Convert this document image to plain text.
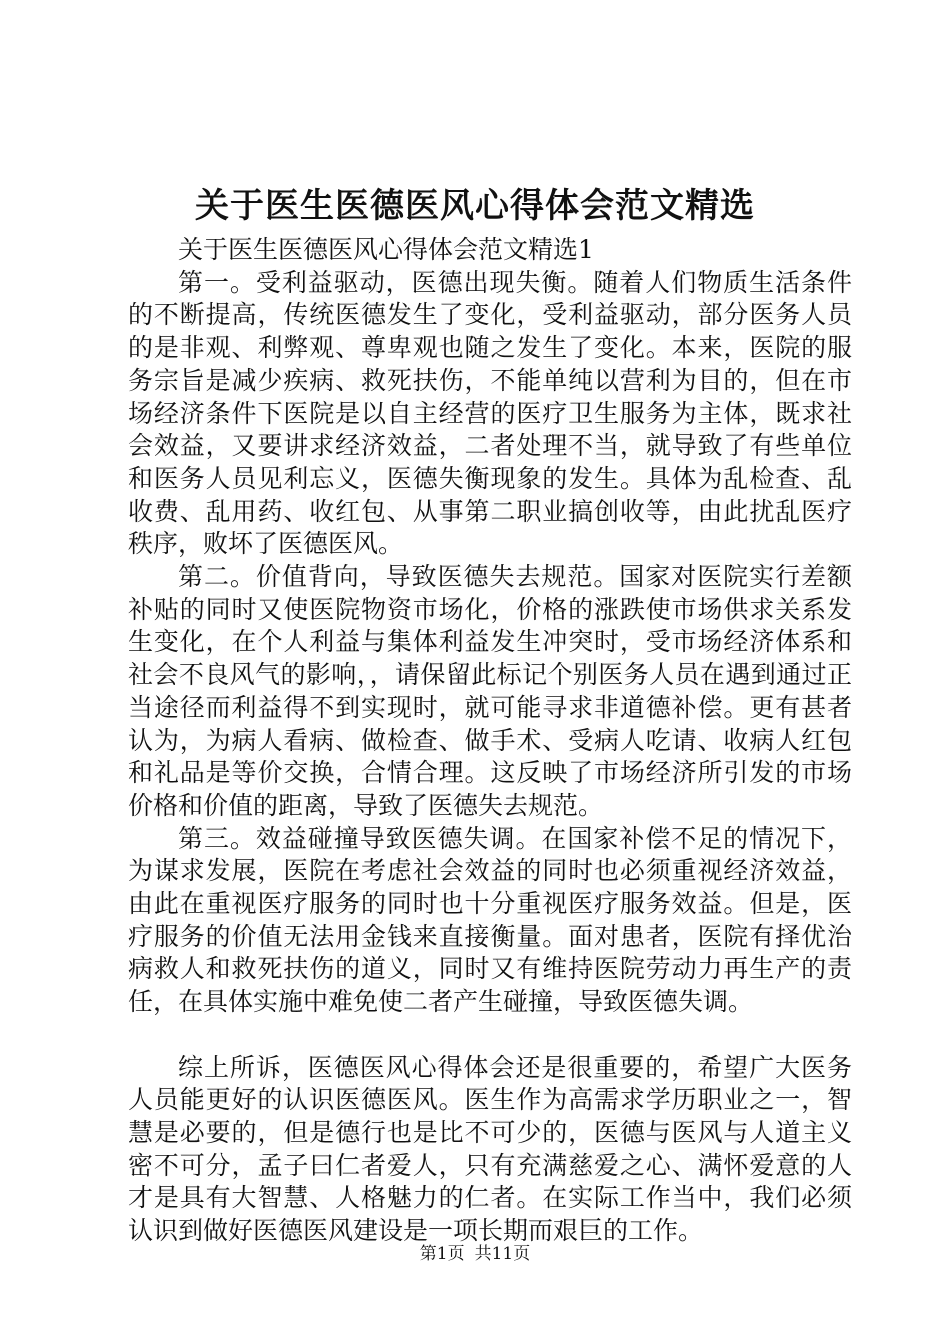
关于医生医德医风心得体会范文精选

关于医生医德医风心得体会范文精选1

第一。受利益驱动，医德出现失衡。随着人们物质生活条件的不断提高，传统医德发生了变化，受利益驱动，部分医务人员的是非观、利弊观、尊卑观也随之发生了变化。本来，医院的服务宗旨是减少疾病、救死扶伤，不能单纯以营利为目的，但在市场经济条件下医院是以自主经营的医疗卫生服务为主体，既求社会效益，又要讲求经济效益，二者处理不当，就导致了有些单位和医务人员见利忘义，医德失衡现象的发生。具体为乱检查、乱收费、乱用药、收红包、从事第二职业搞创收等，由此扰乱医疗秩序，败坏了医德医风。

第二。价值背向，导致医德失去规范。国家对医院实行差额补贴的同时又使医院物资市场化，价格的涨跌使市场供求关系发生变化，在个人利益与集体利益发生冲突时，受市场经济体系和社会不良风气的影响，，请保留此标记个别医务人员在遇到通过正当途径而利益得不到实现时，就可能寻求非道德补偿。更有甚者认为，为病人看病、做检查、做手术、受病人吃请、收病人红包和礼品是等价交换，合情合理。这反映了市场经济所引发的市场价格和价值的距离，导致了医德失去规范。

第三。效益碰撞导致医德失调。在国家补偿不足的情况下，为谋求发展，医院在考虑社会效益的同时也必须重视经济效益，由此在重视医疗服务的同时也十分重视医疗服务效益。但是，医疗服务的价值无法用金钱来直接衡量。面对患者，医院有择优治病救人和救死扶伤的道义，同时又有维持医院劳动力再生产的责任，在具体实施中难免使二者产生碰撞，导致医德失调。

综上所诉，医德医风心得体会还是很重要的，希望广大医务人员能更好的认识医德医风。医生作为高需求学历职业之一，智慧是必要的，但是德行也是比不可少的，医德与医风与人道主义密不可分，孟子曰仁者爱人，只有充满慈爱之心、满怀爱意的人才是具有大智慧、人格魅力的仁者。在实际工作当中，我们必须认识到做好医德医风建设是一项长期而艰巨的工作。

第1页 共11页
